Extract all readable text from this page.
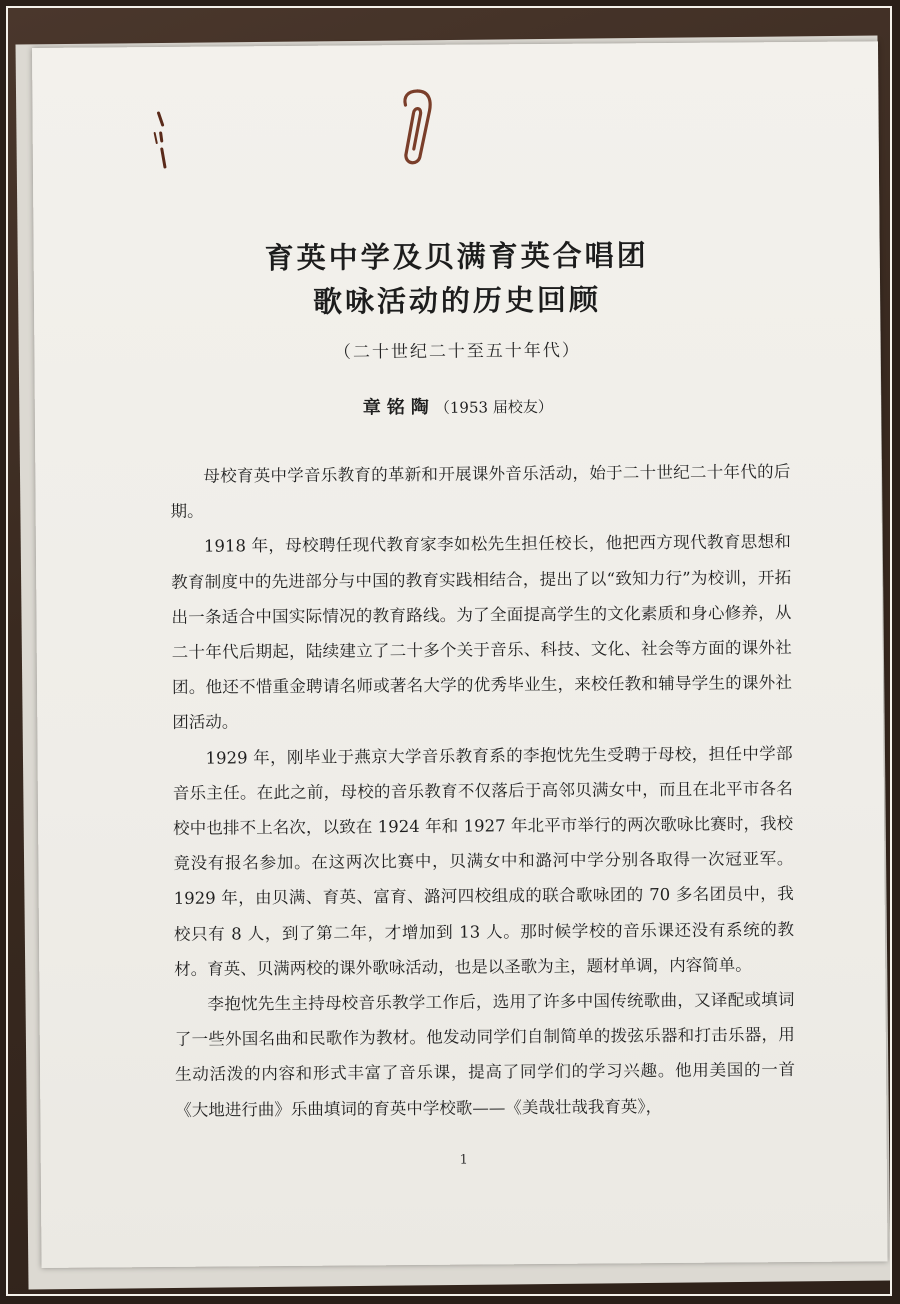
育英中学及贝满育英合唱团
歌咏活动的历史回顾
（二十世纪二十至五十年代）
章铭陶（1953 届校友）

母校育英中学音乐教育的革新和开展课外音乐活动，始于二十世纪二十年代的后期。

1918 年，母校聘任现代教育家李如松先生担任校长，他把西方现代教育思想和教育制度中的先进部分与中国的教育实践相结合，提出了以“致知力行”为校训，开拓出一条适合中国实际情况的教育路线。为了全面提高学生的文化素质和身心修养，从二十年代后期起，陆续建立了二十多个关于音乐、科技、文化、社会等方面的课外社团。他还不惜重金聘请名师或著名大学的优秀毕业生，来校任教和辅导学生的课外社团活动。

1929 年，刚毕业于燕京大学音乐教育系的李抱忱先生受聘于母校，担任中学部音乐主任。在此之前，母校的音乐教育不仅落后于高邻贝满女中，而且在北平市各名校中也排不上名次，以致在 1924 年和 1927 年北平市举行的两次歌咏比赛时，我校竟没有报名参加。在这两次比赛中，贝满女中和潞河中学分别各取得一次冠亚军。1929 年，由贝满、育英、富育、潞河四校组成的联合歌咏团的 70 多名团员中，我校只有 8 人，到了第二年，才增加到 13 人。那时候学校的音乐课还没有系统的教材。育英、贝满两校的课外歌咏活动，也是以圣歌为主，题材单调，内容简单。

李抱忱先生主持母校音乐教学工作后，选用了许多中国传统歌曲，又译配或填词了一些外国名曲和民歌作为教材。他发动同学们自制简单的拨弦乐器和打击乐器，用生动活泼的内容和形式丰富了音乐课，提高了同学们的学习兴趣。他用美国的一首《大地进行曲》乐曲填词的育英中学校歌——《美哉壮哉我育英》，

1
